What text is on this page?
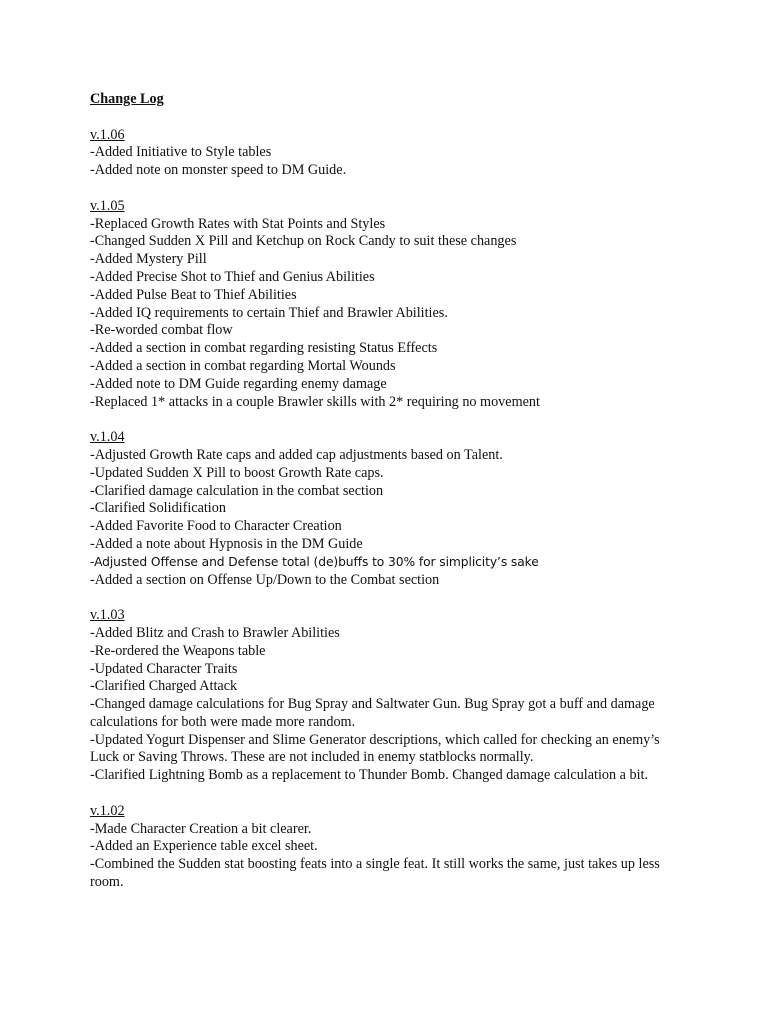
Change Log
v.1.06
-Added Initiative to Style tables
-Added note on monster speed to DM Guide.
v.1.05
-Replaced Growth Rates with Stat Points and Styles
-Changed Sudden X Pill and Ketchup on Rock Candy to suit these changes
-Added Mystery Pill
-Added Precise Shot to Thief and Genius Abilities
-Added Pulse Beat to Thief Abilities
-Added IQ requirements to certain Thief and Brawler Abilities.
-Re-worded combat flow
-Added a section in combat regarding resisting Status Effects
-Added a section in combat regarding Mortal Wounds
-Added note to DM Guide regarding enemy damage
-Replaced 1* attacks in a couple Brawler skills with 2* requiring no movement
v.1.04
-Adjusted Growth Rate caps and added cap adjustments based on Talent.
-Updated Sudden X Pill to boost Growth Rate caps.
-Clarified damage calculation in the combat section
-Clarified Solidification
-Added Favorite Food to Character Creation
-Added a note about Hypnosis in the DM Guide
-Adjusted Offense and Defense total (de)buffs to 30% for simplicity’s sake
-Added a section on Offense Up/Down to the Combat section
v.1.03
-Added Blitz and Crash to Brawler Abilities
-Re-ordered the Weapons table
-Updated Character Traits
-Clarified Charged Attack
-Changed damage calculations for Bug Spray and Saltwater Gun. Bug Spray got a buff and damage calculations for both were made more random.
-Updated Yogurt Dispenser and Slime Generator descriptions, which called for checking an enemy’s Luck or Saving Throws. These are not included in enemy statblocks normally.
-Clarified Lightning Bomb as a replacement to Thunder Bomb. Changed damage calculation a bit.
v.1.02
-Made Character Creation a bit clearer.
-Added an Experience table excel sheet.
-Combined the Sudden stat boosting feats into a single feat. It still works the same, just takes up less room.
